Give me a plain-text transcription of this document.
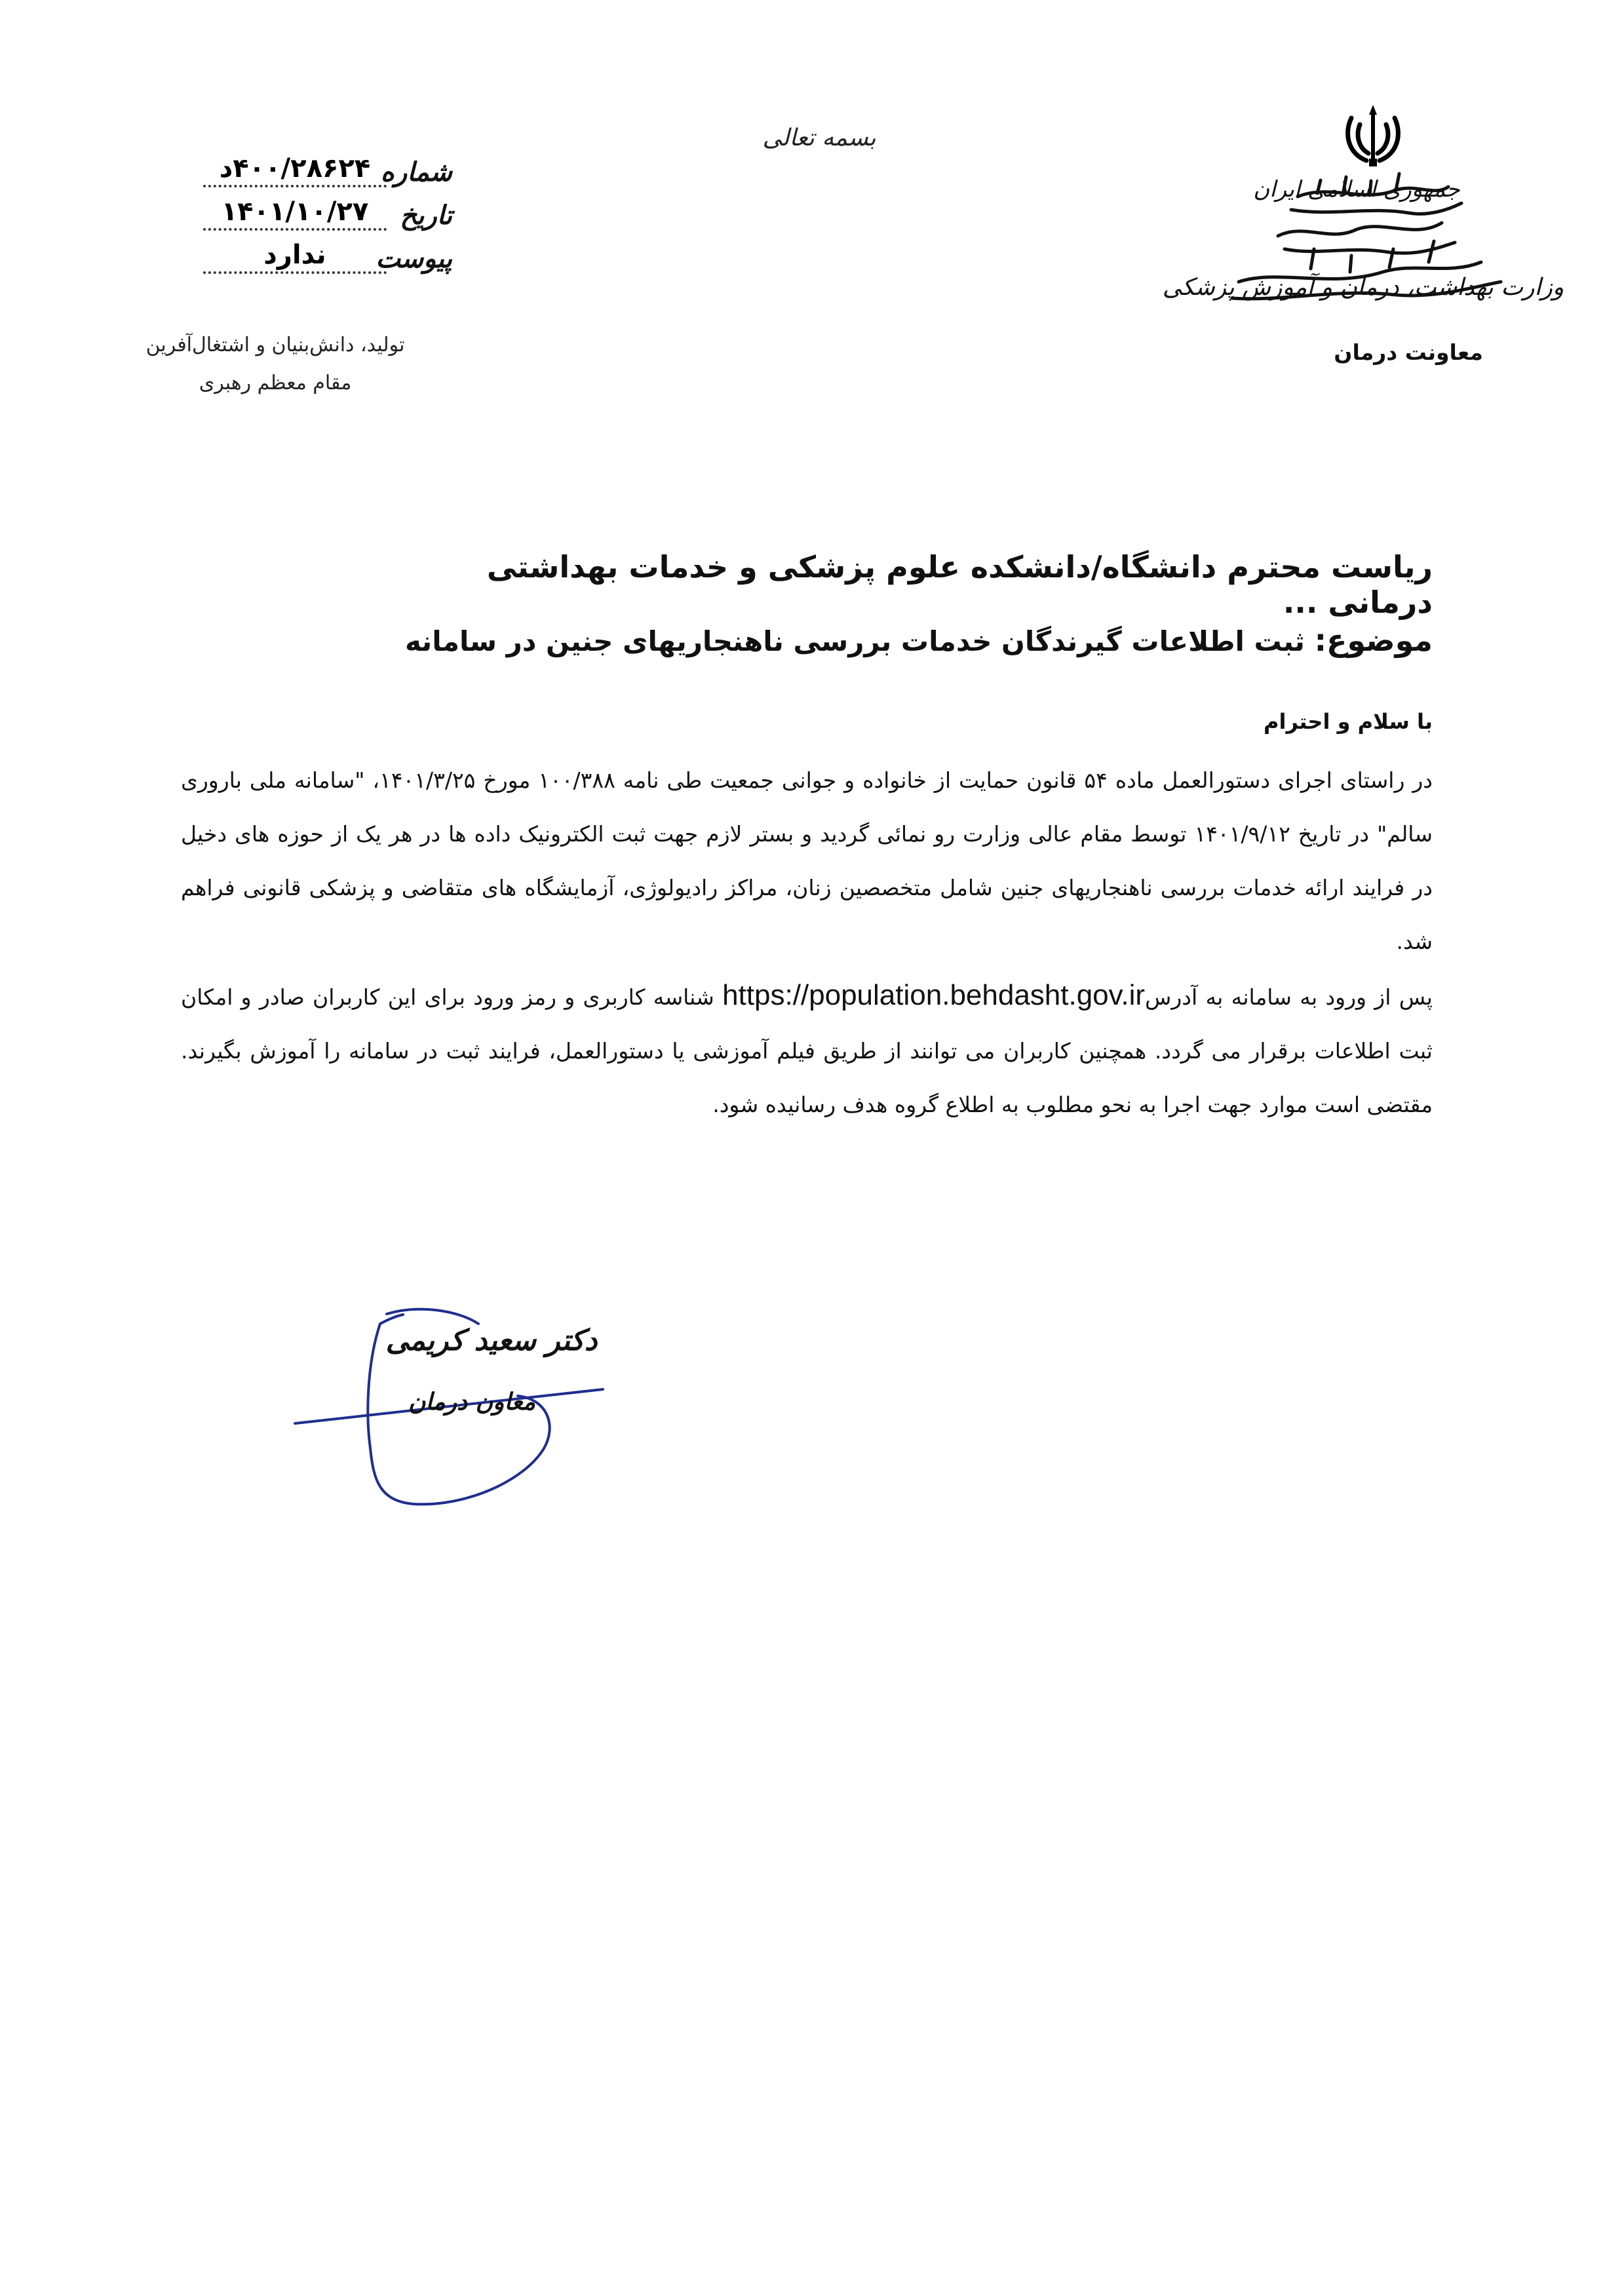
جمهوری اسلامی ایران
وزارت بهداشت، درمان و آموزش پزشکی
معاونت درمان
بسمه تعالی
شماره
۴۰۰/۲۸۶۲۴د
تاریخ
۱۴۰۱/۱۰/۲۷
پیوست
ندارد
تولید، دانش‌بنیان و اشتغال‌آفرین
مقام معظم رهبری
ریاست محترم دانشگاه/دانشکده علوم پزشکی و خدمات بهداشتی درمانی ...
موضوع: ثبت اطلاعات گیرندگان خدمات بررسی ناهنجاریهای جنین در سامانه
با سلام و احترام

در راستای اجرای دستورالعمل ماده ۵۴ قانون حمایت از خانواده و جوانی جمعیت طی نامه ۱۰۰/۳۸۸ مورخ ۱۴۰۱/۳/۲۵، "سامانه ملی باروری سالم" در تاریخ ۱۴۰۱/۹/۱۲ توسط مقام عالی وزارت رو نمائی گردید و بستر لازم جهت ثبت الکترونیک داده ها در هر یک از حوزه های دخیل در فرایند ارائه خدمات بررسی ناهنجاریهای جنین شامل متخصصین زنان، مراکز رادیولوژی، آزمایشگاه های متقاضی و پزشکی قانونی فراهم شد.

پس از ورود به سامانه به آدرسhttps://population.behdasht.gov.ir شناسه کاربری و رمز ورود برای این کاربران صادر و امکان ثبت اطلاعات برقرار می گردد. همچنین کاربران می توانند از طریق فیلم آموزشی یا دستورالعمل، فرایند ثبت در سامانه را آموزش بگیرند. مقتضی است موارد جهت اجرا به نحو مطلوب به اطلاع گروه هدف رسانیده شود.

دکتر سعید کریمی
معاون درمان
